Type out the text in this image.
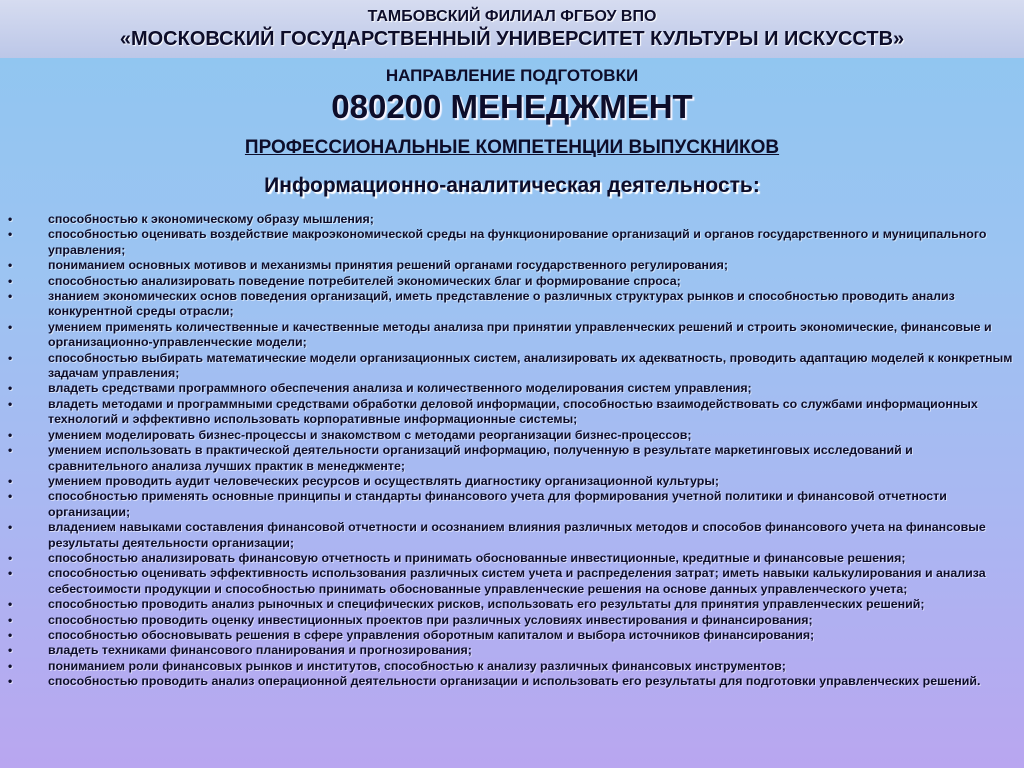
ТАМБОВСКИЙ ФИЛИАЛ ФГБОУ ВПО
«МОСКОВСКИЙ ГОСУДАРСТВЕННЫЙ УНИВЕРСИТЕТ КУЛЬТУРЫ И ИСКУССТВ»
НАПРАВЛЕНИЕ ПОДГОТОВКИ
080200 МЕНЕДЖМЕНТ
ПРОФЕССИОНАЛЬНЫЕ КОМПЕТЕНЦИИ ВЫПУСКНИКОВ
Информационно-аналитическая деятельность:
•	способностью к экономическому образу мышления;
•	способностью оценивать воздействие макроэкономической среды на функционирование организаций и органов государственного и муниципального управления;
•	пониманием основных мотивов и механизмы принятия решений органами государственного регулирования;
•	способностью анализировать поведение потребителей экономических благ и формирование спроса;
•	знанием экономических основ поведения организаций, иметь представление о различных структурах рынков и способностью проводить анализ конкурентной среды отрасли;
•	умением применять количественные и качественные методы анализа при принятии управленческих решений и строить экономические, финансовые и организационно-управленческие модели;
•	способностью выбирать математические модели организационных систем, анализировать их адекватность, проводить адаптацию моделей к конкретным задачам управления;
•	владеть средствами программного обеспечения анализа и количественного моделирования систем управления;
•	владеть методами и программными средствами обработки деловой информации, способностью взаимодействовать со службами информационных технологий и эффективно использовать корпоративные информационные системы;
•	умением моделировать бизнес-процессы и знакомством с методами реорганизации бизнес-процессов;
•	умением использовать в практической деятельности организаций информацию, полученную в результате маркетинговых исследований и сравнительного анализа лучших практик в менеджменте;
•	умением проводить аудит человеческих ресурсов и осуществлять диагностику организационной культуры;
•	способностью применять основные принципы и стандарты финансового учета для формирования учетной политики и финансовой отчетности организации;
•	владением навыками составления финансовой отчетности и осознанием влияния различных методов и способов финансового учета на финансовые результаты деятельности организации;
•	способностью анализировать финансовую отчетность и принимать обоснованные инвестиционные, кредитные и финансовые решения;
•	способностью оценивать эффективность использования различных систем учета и распределения затрат; иметь навыки калькулирования и анализа себестоимости продукции и способностью принимать обоснованные управленческие решения на основе данных управленческого учета;
•	способностью проводить анализ рыночных и специфических рисков, использовать его результаты для принятия управленческих решений;
•	способностью проводить оценку инвестиционных проектов при различных условиях инвестирования и финансирования;
•	способностью обосновывать решения в сфере управления оборотным капиталом и выбора источников финансирования;
•	владеть техниками финансового планирования и прогнозирования;
•	пониманием роли финансовых рынков и институтов, способностью к анализу различных финансовых инструментов;
•	способностью проводить анализ операционной деятельности организации и использовать его результаты для подготовки управленческих решений.
